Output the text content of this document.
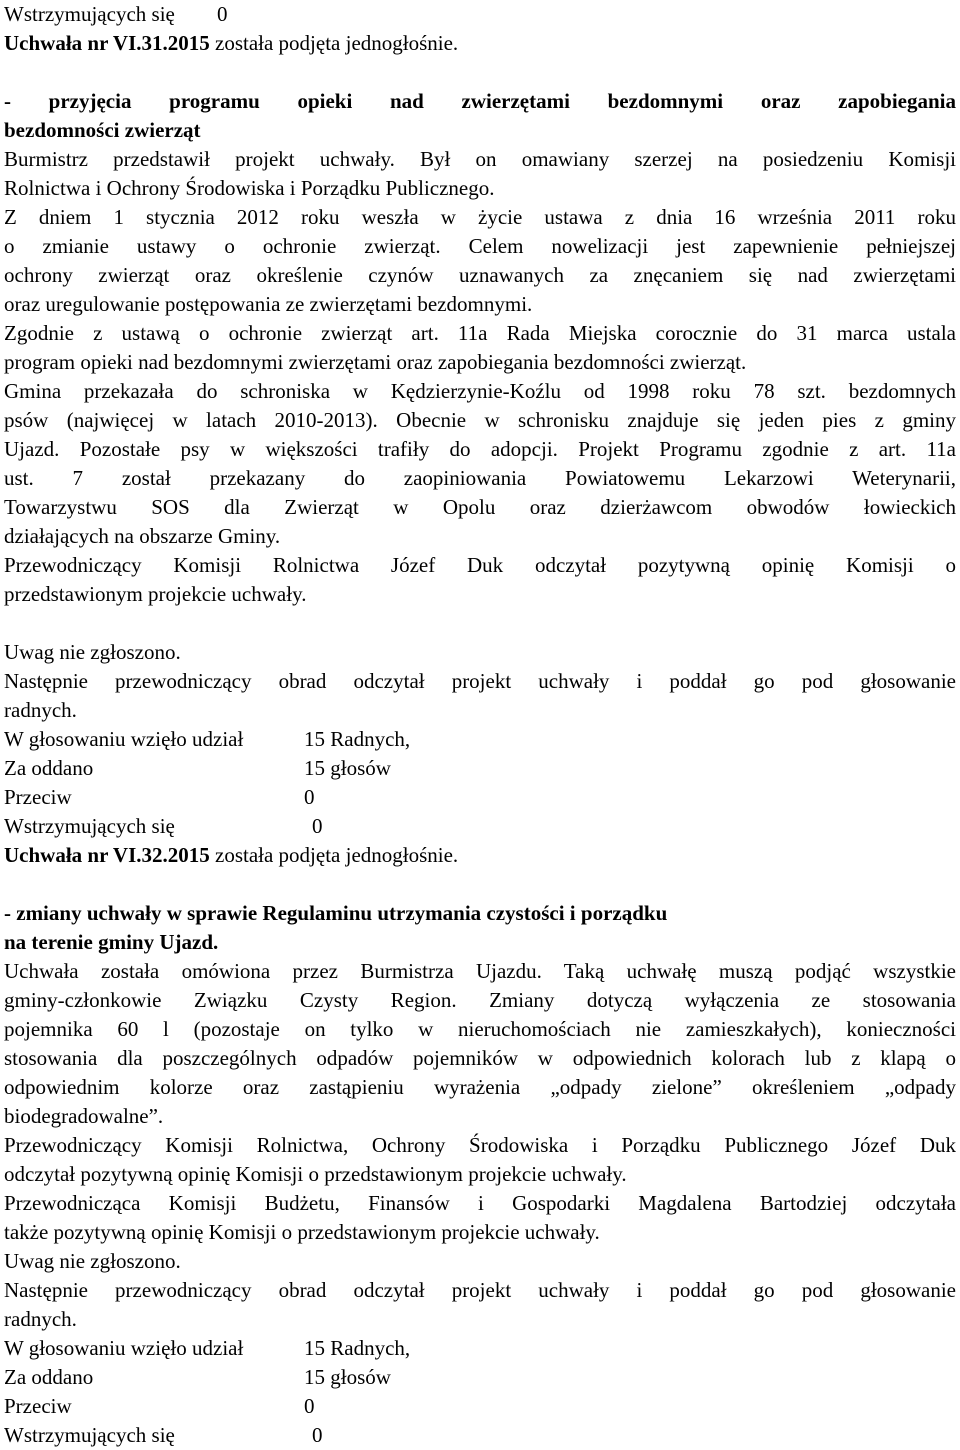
Wstrzymujących się	0
Uchwała nr VI.31.2015 została podjęta jednogłośnie.
- przyjęcia programu opieki nad zwierzętami bezdomnymi oraz zapobiegania
bezdomności zwierząt
Burmistrz przedstawił projekt uchwały. Był on omawiany szerzej na posiedzeniu Komisji
Rolnictwa i Ochrony Środowiska i Porządku Publicznego.
Z dniem 1 stycznia 2012 roku weszła w życie ustawa z dnia 16 września 2011 roku
o zmianie ustawy o ochronie zwierząt. Celem nowelizacji jest zapewnienie pełniejszej
ochrony zwierząt oraz określenie czynów uznawanych za znęcaniem się nad zwierzętami
oraz uregulowanie postępowania ze zwierzętami bezdomnymi.
Zgodnie z ustawą o ochronie zwierząt art. 11a Rada Miejska corocznie do 31 marca ustala
program opieki nad bezdomnymi zwierzętami oraz zapobiegania bezdomności zwierząt.
Gmina przekazała do schroniska w Kędzierzynie-Koźlu od 1998 roku 78 szt. bezdomnych
psów (najwięcej w latach 2010-2013). Obecnie w schronisku znajduje się jeden pies z gminy
Ujazd. Pozostałe psy w większości trafiły do adopcji. Projekt Programu zgodnie z art. 11a
ust. 7 został przekazany do zaopiniowania Powiatowemu Lekarzowi Weterynarii,
Towarzystwu SOS dla Zwierząt w Opolu oraz dzierżawcom obwodów łowieckich
działających na obszarze Gminy.
Przewodniczący Komisji Rolnictwa Józef Duk odczytał pozytywną opinię Komisji o
przedstawionym projekcie uchwały.
Uwag nie zgłoszono.
Następnie przewodniczący obrad odczytał projekt uchwały i poddał go pod głosowanie
radnych.
W głosowaniu wzięło udział	15 Radnych,
Za oddano	15 głosów
Przeciw	0
Wstrzymujących się	0
Uchwała nr VI.32.2015 została podjęta jednogłośnie.
- zmiany uchwały w sprawie Regulaminu utrzymania czystości i porządku
na terenie gminy Ujazd.
Uchwała została omówiona przez Burmistrza Ujazdu. Taką uchwałę muszą podjąć wszystkie
gminy-członkowie Związku Czysty Region. Zmiany dotyczą wyłączenia ze stosowania
pojemnika 60 l (pozostaje on tylko w nieruchomościach nie zamieszkałych), konieczności
stosowania dla poszczególnych odpadów pojemników w odpowiednich kolorach lub z klapą o
odpowiednim kolorze oraz zastąpieniu wyrażenia „odpady zielone” określeniem „odpady
biodegradowalne”.
Przewodniczący Komisji Rolnictwa, Ochrony Środowiska i Porządku Publicznego Józef Duk
odczytał pozytywną opinię Komisji o przedstawionym projekcie uchwały.
Przewodnicząca Komisji Budżetu, Finansów i Gospodarki Magdalena Bartodziej odczytała
także pozytywną opinię Komisji o przedstawionym projekcie uchwały.
Uwag nie zgłoszono.
Następnie przewodniczący obrad odczytał projekt uchwały i poddał go pod głosowanie
radnych.
W głosowaniu wzięło udział	15 Radnych,
Za oddano	15 głosów
Przeciw	0
Wstrzymujących się	0
